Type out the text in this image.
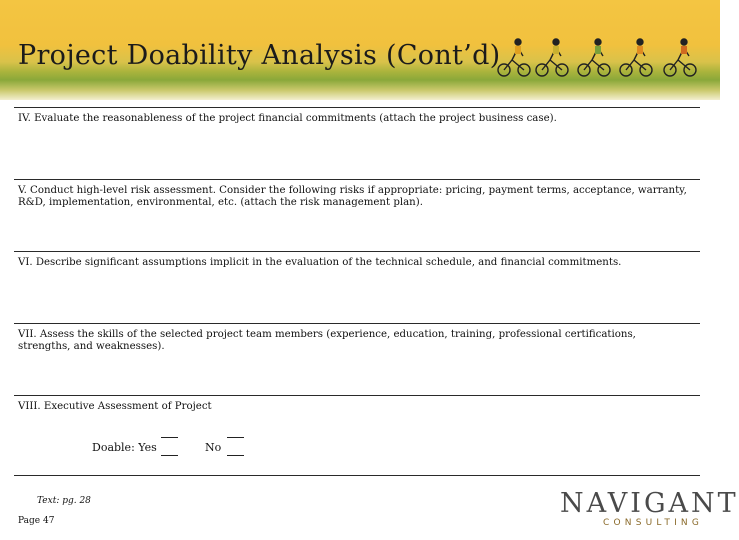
Project Doability Analysis (Cont’d)
IV. Evaluate the reasonableness of the project financial commitments (attach the project business case).
V. Conduct high-level risk assessment. Consider the following risks if appropriate: pricing, payment terms, acceptance, warranty, R&D, implementation, environmental, etc. (attach the risk management plan).
VI. Describe significant assumptions implicit in the evaluation of the technical schedule, and financial commitments.
VII. Assess the skills of the selected project team members (experience, education, training, professional certifications, strengths, and weaknesses).
VIII. Executive Assessment of Project
Doable: Yes	No
Text: pg. 28
Page 47
NAVIGANT
CONSULTING
